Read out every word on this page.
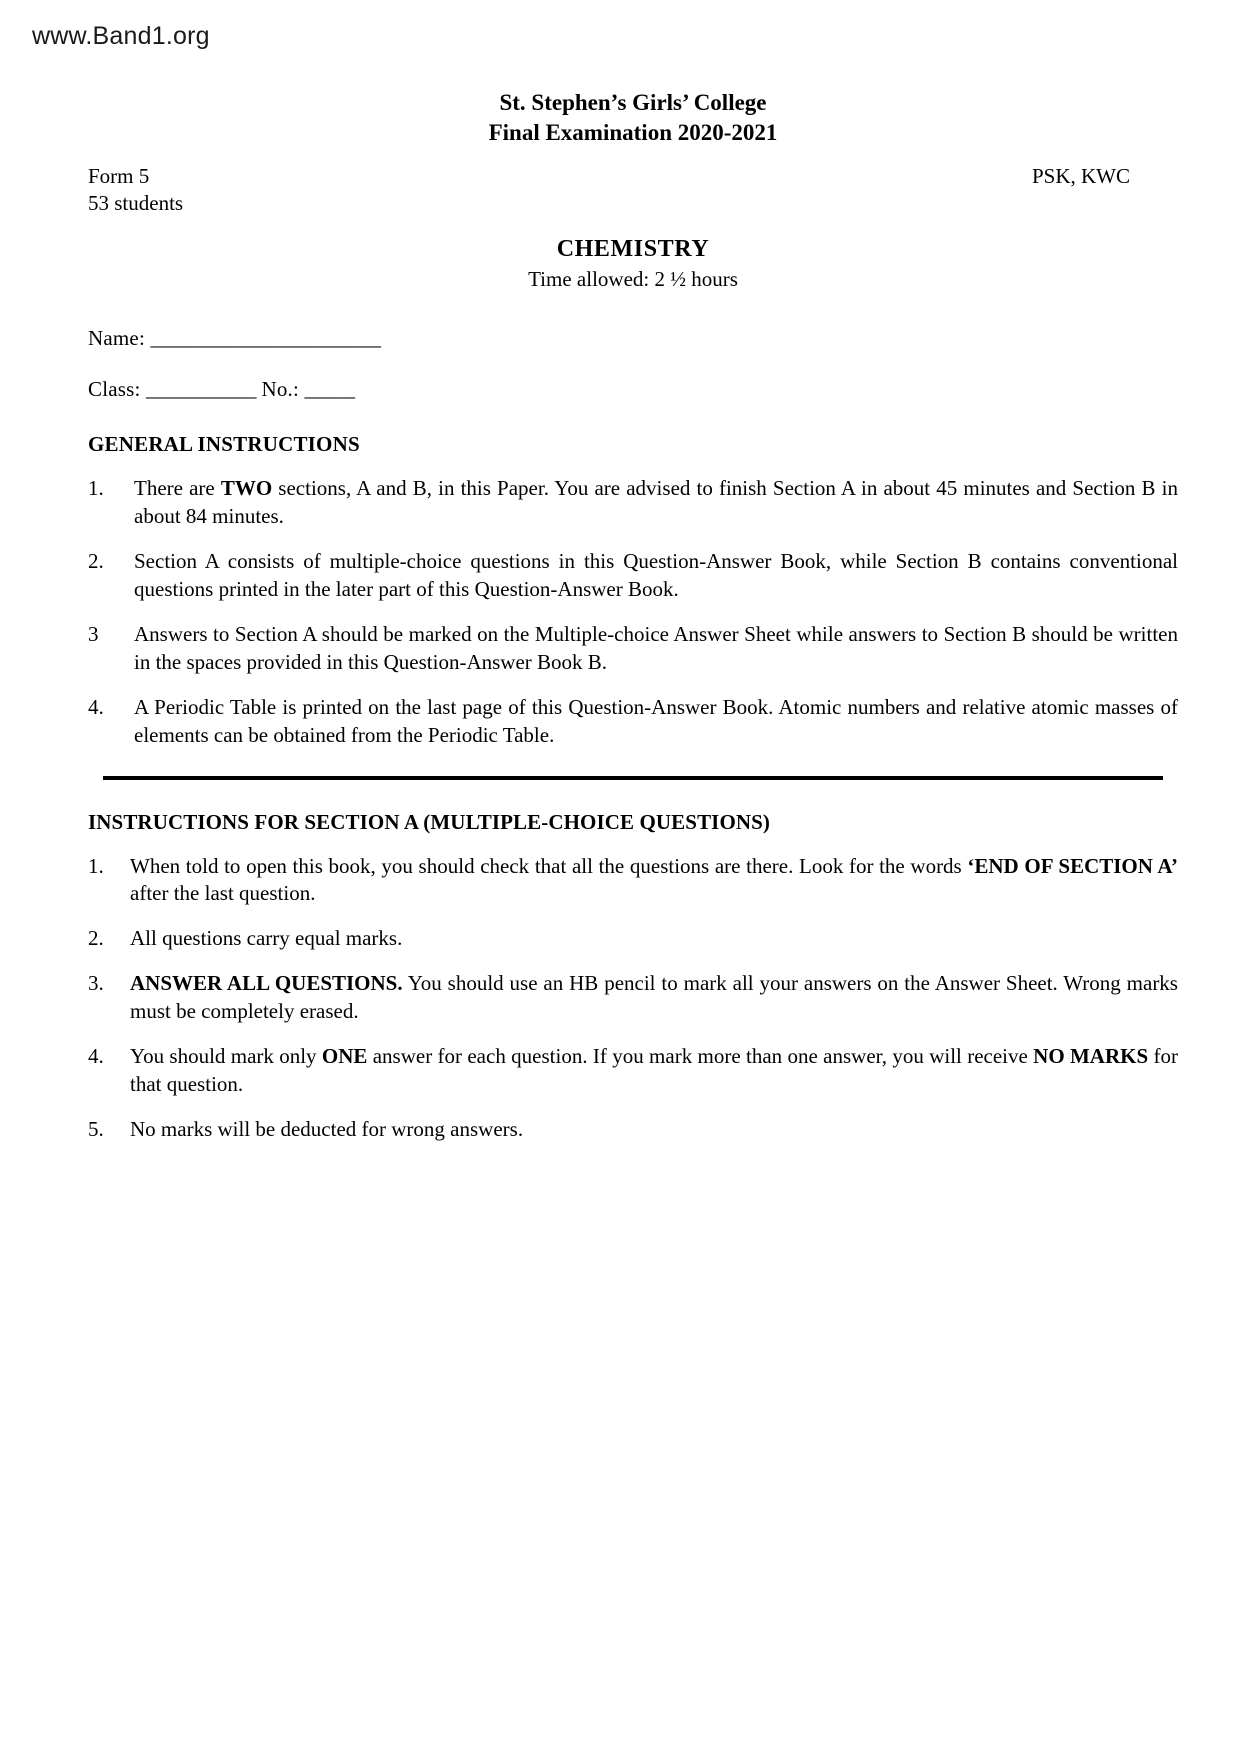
www.Band1.org
St. Stephen’s Girls’ College
Final Examination 2020-2021
Form 5	PSK, KWC
53 students
CHEMISTRY
Time allowed: 2 ½ hours
Name: _______________________
Class: ___________ No.: _____
GENERAL INSTRUCTIONS
1.	There are TWO sections, A and B, in this Paper. You are advised to finish Section A in about 45 minutes and Section B in about 84 minutes.
2.	Section A consists of multiple-choice questions in this Question-Answer Book, while Section B contains conventional questions printed in the later part of this Question-Answer Book.
3	Answers to Section A should be marked on the Multiple-choice Answer Sheet while answers to Section B should be written in the spaces provided in this Question-Answer Book B.
4.	A Periodic Table is printed on the last page of this Question-Answer Book. Atomic numbers and relative atomic masses of elements can be obtained from the Periodic Table.
INSTRUCTIONS FOR SECTION A (MULTIPLE-CHOICE QUESTIONS)
1.	When told to open this book, you should check that all the questions are there. Look for the words ‘END OF SECTION A’ after the last question.
2.	All questions carry equal marks.
3.	ANSWER ALL QUESTIONS. You should use an HB pencil to mark all your answers on the Answer Sheet. Wrong marks must be completely erased.
4.	You should mark only ONE answer for each question. If you mark more than one answer, you will receive NO MARKS for that question.
5.	No marks will be deducted for wrong answers.
